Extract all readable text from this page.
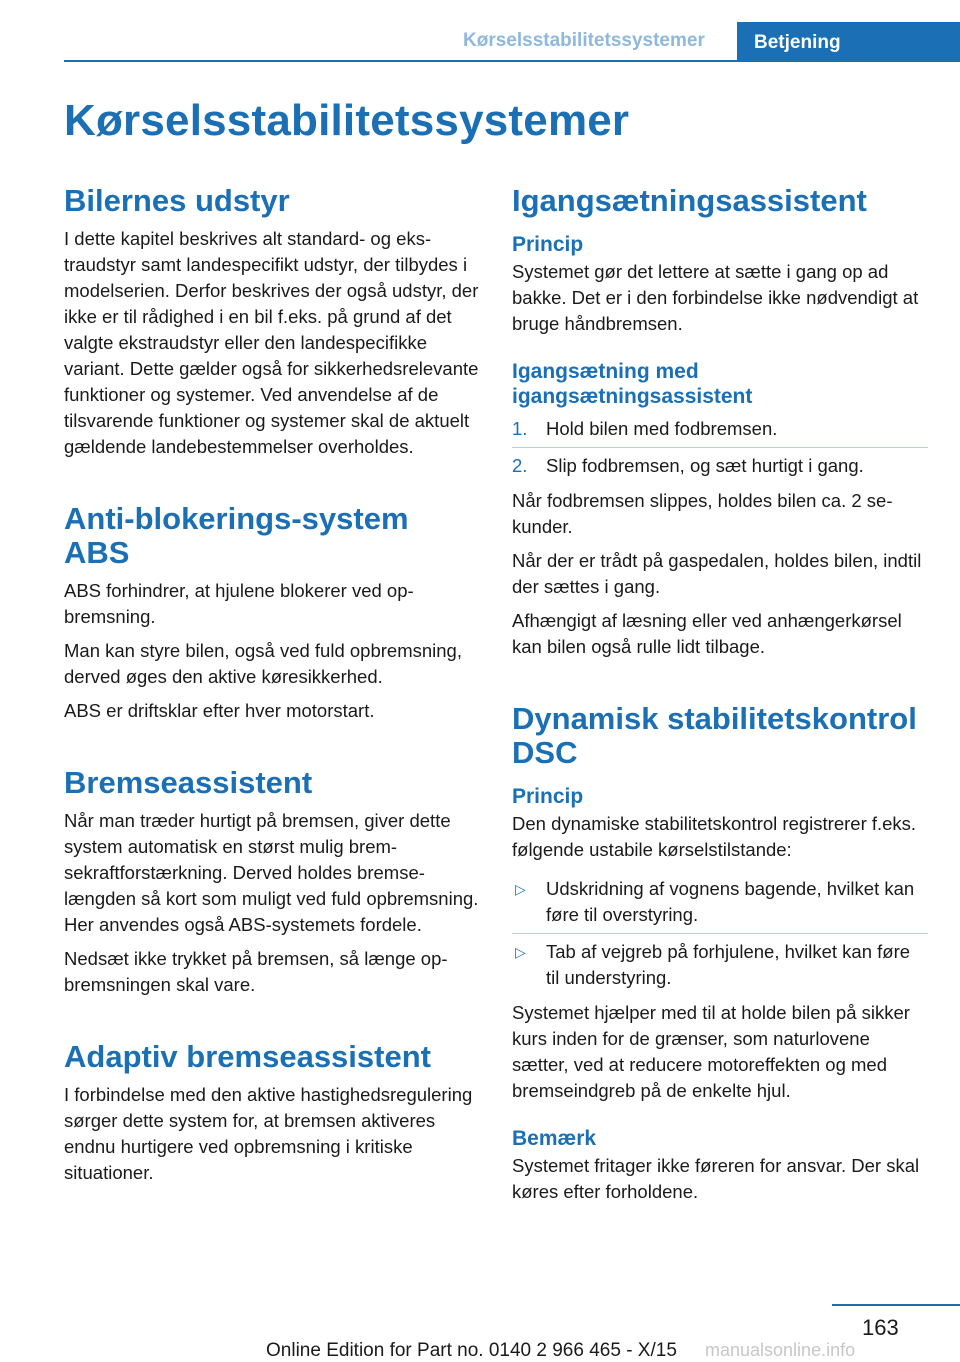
Kørselsstabilitetssystemer	Betjening
Kørselsstabilitetssystemer
Bilernes udstyr

I dette kapitel beskrives alt standard- og ekstraudstyr samt landespecifikt udstyr, der tilbydes i modelserien. Derfor beskrives der også udstyr, der ikke er til rådighed i en bil f.eks. på grund af det valgte ekstraudstyr eller den landespecifikke variant. Dette gælder også for sikkerhedsrelevante funktioner og systemer. Ved anvendelse af de tilsvarende funktioner og systemer skal de aktuelt gældende landebestemmelser overholdes.

Anti-blokerings-system ABS

ABS forhindrer, at hjulene blokerer ved opbremsning.

Man kan styre bilen, også ved fuld opbremsning, derved øges den aktive køresikkerhed.

ABS er driftsklar efter hver motorstart.

Bremseassistent

Når man træder hurtigt på bremsen, giver dette system automatisk en størst mulig bremsekraftforstærkning. Derved holdes bremselængden så kort som muligt ved fuld opbremsning. Her anvendes også ABS-systemets fordele.

Nedsæt ikke trykket på bremsen, så længe opbremsningen skal vare.

Adaptiv bremseassistent

I forbindelse med den aktive hastighedsregulering sørger dette system for, at bremsen aktiveres endnu hurtigere ved opbremsning i kritiske situationer.

Igangsætningsassistent
Princip

Systemet gør det lettere at sætte i gang op ad bakke. Det er i den forbindelse ikke nødvendigt at bruge håndbremsen.

Igangsætning med igangsætningsassistent
1. Hold bilen med fodbremsen.
2. Slip fodbremsen, og sæt hurtigt i gang.

Når fodbremsen slippes, holdes bilen ca. 2 sekunder.

Når der er trådt på gaspedalen, holdes bilen, indtil der sættes i gang.

Afhængigt af læsning eller ved anhængerkørsel kan bilen også rulle lidt tilbage.

Dynamisk stabilitetskontrol DSC
Princip

Den dynamiske stabilitetskontrol registrerer f.eks. følgende ustabile kørselstilstande:

▷ Udskridning af vognens bagende, hvilket kan føre til overstyring.
▷ Tab af vejgreb på forhjulene, hvilket kan føre til understyring.

Systemet hjælper med til at holde bilen på sikker kurs inden for de grænser, som naturlovene sætter, ved at reducere motoreffekten og med bremseindgreb på de enkelte hjul.

Bemærk

Systemet fritager ikke føreren for ansvar. Der skal køres efter forholdene.

163
Online Edition for Part no. 0140 2 966 465 - X/15 manualsonline.info
